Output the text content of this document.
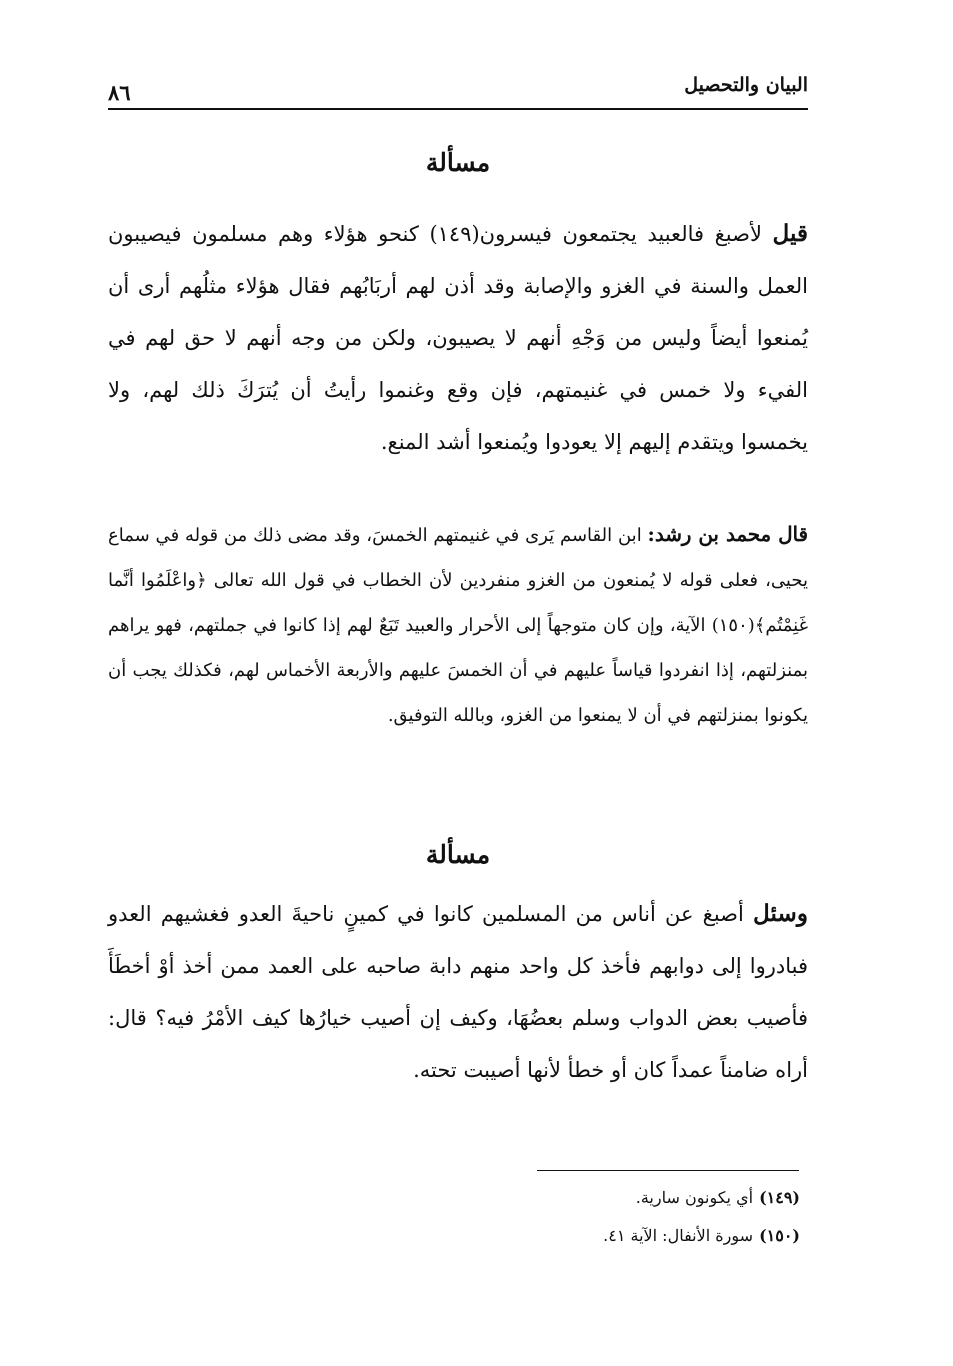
البيان والتحصيل
٨٦
مسألة
قيل لأصبغ فالعبيد يجتمعون فيسرون(١٤٩) كنحو هؤلاء وهم مسلمون فيصيبون العمل والسنة في الغزو والإصابة وقد أذن لهم أربَابُهم فقال هؤلاء مثلُهم أرى أن يُمنعوا أيضاً وليس من وَجْهِ أنهم لا يصيبون، ولكن من وجه أنهم لا حق لهم في الفيء ولا خمس في غنيمتهم، فإن وقع وغنموا رأيتُ أن يُترَكَ ذلك لهم، ولا يخمسوا ويتقدم إليهم إلا يعودوا ويُمنعوا أشد المنع.
قال محمد بن رشد: ابن القاسم يَرى في غنيمتهم الخمسَ، وقد مضى ذلك من قوله في سماع يحيى، فعلى قوله لا يُمنعون من الغزو منفردين لأن الخطاب في قول الله تعالى ﴿واعْلَمُوا أنَّما غَنِمْتُم﴾(١٥٠) الآية، وإن كان متوجهاً إلى الأحرار والعبيد تَبَعٌ لهم إذا كانوا في جملتهم، فهو يراهم بمنزلتهم، إذا انفردوا قياساً عليهم في أن الخمسَ عليهم والأربعة الأخماس لهم، فكذلك يجب أن يكونوا بمنزلتهم في أن لا يمنعوا من الغزو، وبالله التوفيق.
مسألة
وسئل أصبغ عن أناس من المسلمين كانوا في كمينٍ ناحيةَ العدو فغشيهم العدو فبادروا إلى دوابهم فأخذ كل واحد منهم دابة صاحبه على العمد ممن أخذ أوْ أخطَأَ فأصيب بعض الدواب وسلم بعضُهَا، وكيف إن أصيب خيارُها كيف الأمْرُ فيه؟ قال: أراه ضامناً عمداً كان أو خطأ لأنها أصيبت تحته.
(١٤٩)أي يكونون سارية.
(١٥٠)سورة الأنفال: الآية ٤١.
